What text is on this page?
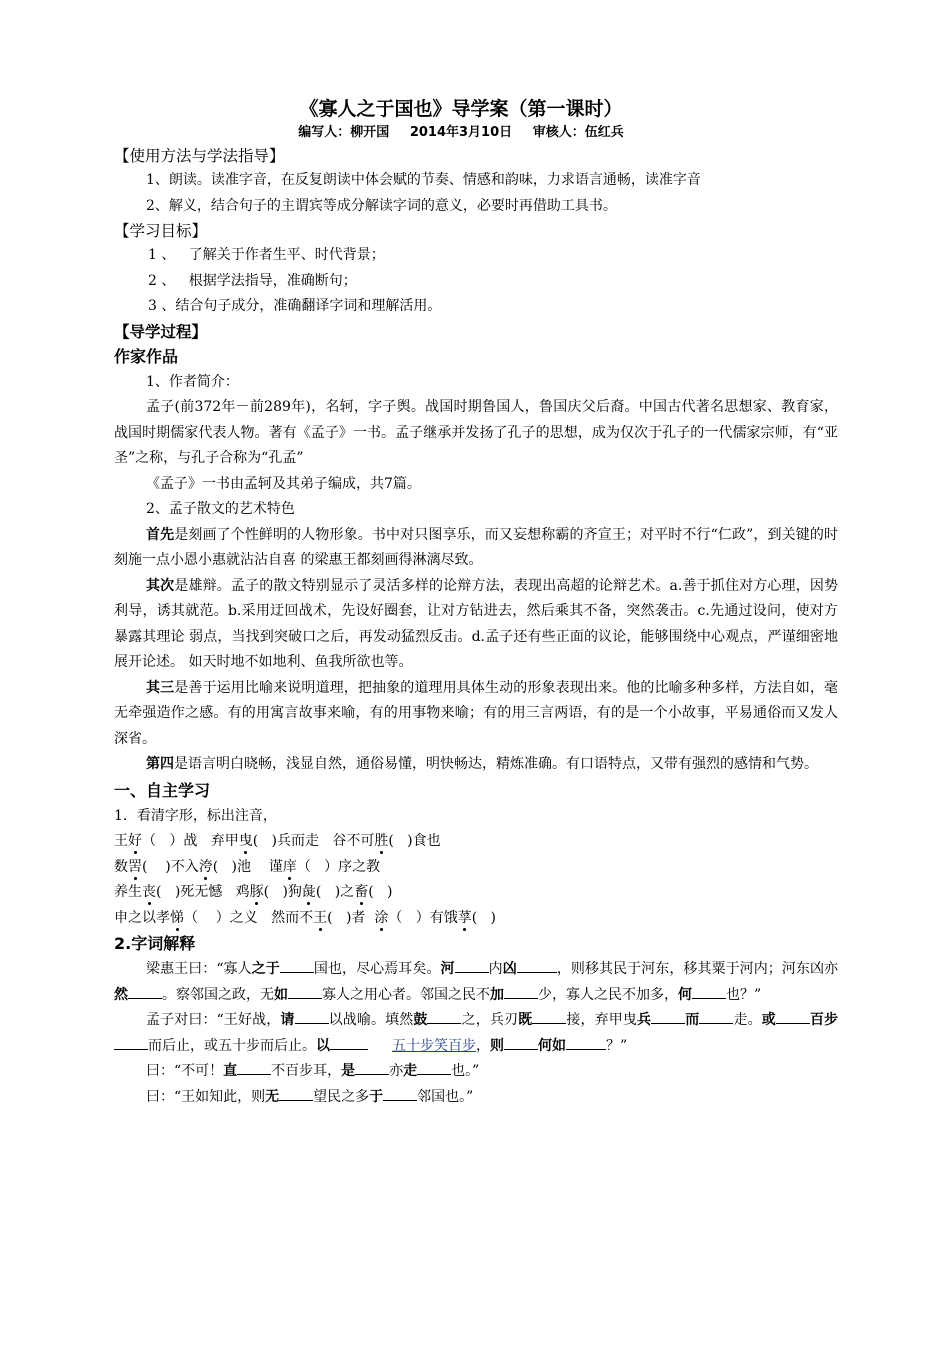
《寡人之于国也》导学案（第一课时）
编写人：柳开国 2014年3月10日 审核人：伍红兵
【使用方法与学法指导】

1、朗读。读准字音，在反复朗读中体会赋的节奏、情感和韵味，力求语言通畅，读准字音

2、解义，结合句子的主谓宾等成分解读字词的意义，必要时再借助工具书。

【学习目标】

1 、   了解关于作者生平、时代背景；

2 、   根据学法指导，准确断句；

3 、结合句子成分，准确翻译字词和理解活用。

【导学过程】
作家作品

1、作者简介：

孟子(前372年－前289年)，名轲，字子舆。战国时期鲁国人，鲁国庆父后裔。中国古代著名思想家、教育家，战国时期儒家代表人物。著有《孟子》一书。孟子继承并发扬了孔子的思想，成为仅次于孔子的一代儒家宗师，有“亚圣”之称，与孔子合称为“孔孟”

《孟子》一书由孟轲及其弟子编成，共7篇。

2、孟子散文的艺术特色

首先是刻画了个性鲜明的人物形象。书中对只图享乐，而又妄想称霸的齐宣王；对平时不行“仁政”，到关键的时刻施一点小恩小惠就沾沾自喜 的梁惠王都刻画得淋漓尽致。

其次是雄辩。孟子的散文特别显示了灵活多样的论辩方法，表现出高超的论辩艺术。a.善于抓住对方心理，因势利导，诱其就范。b.采用迂回战术，先设好圈套，让对方钻进去，然后乘其不备，突然袭击。c.先通过设问，使对方暴露其理论 弱点，当找到突破口之后，再发动猛烈反击。d.孟子还有些正面的议论，能够围绕中心观点，严谨细密地展开论述。 如天时地不如地利、鱼我所欲也等。

其三是善于运用比喻来说明道理，把抽象的道理用具体生动的形象表现出来。他的比喻多种多样，方法自如，毫无牵强造作之感。有的用寓言故事来喻，有的用事物来喻；有的用三言两语，有的是一个小故事，平易通俗而又发人深省。

第四是语言明白晓畅，浅显自然，通俗易懂，明快畅达，精炼准确。有口语特点，又带有强烈的感情和气势。

一、自主学习

1．看清字形，标出注音，

王好（   ）战   弃甲曳(   )兵而走   谷不可胜(   )食也

数罟(    )不入洿(   )池    谨庠（   ）序之教

养生丧(   )死无憾   鸡豚(   )狗彘(   )之畜(   )

申之以孝悌（    ）之义   然而不王(   )者  涂（   ）有饿莩(   )

2.字词解释

梁惠王曰：“寡人之于 国也，尽心焉耳矣。河 内凶	，则移其民于河东，移其粟于河内；河东凶亦然 。察邻国之政，无如 寡人之用心者。邻国之民不加 少，寡人之民不加多，何 也？”

孟子对曰：“王好战，请 以战喻。填然鼓 之，兵刃既 接，弃甲曳兵 而 走。或 百步而后止，或五十步而后止。以	五十步笑百步，则 何如	？”

曰：“不可！直 不百步耳，是 亦走 也。”

曰：“王如知此，则无 望民之多于 邻国也。”
